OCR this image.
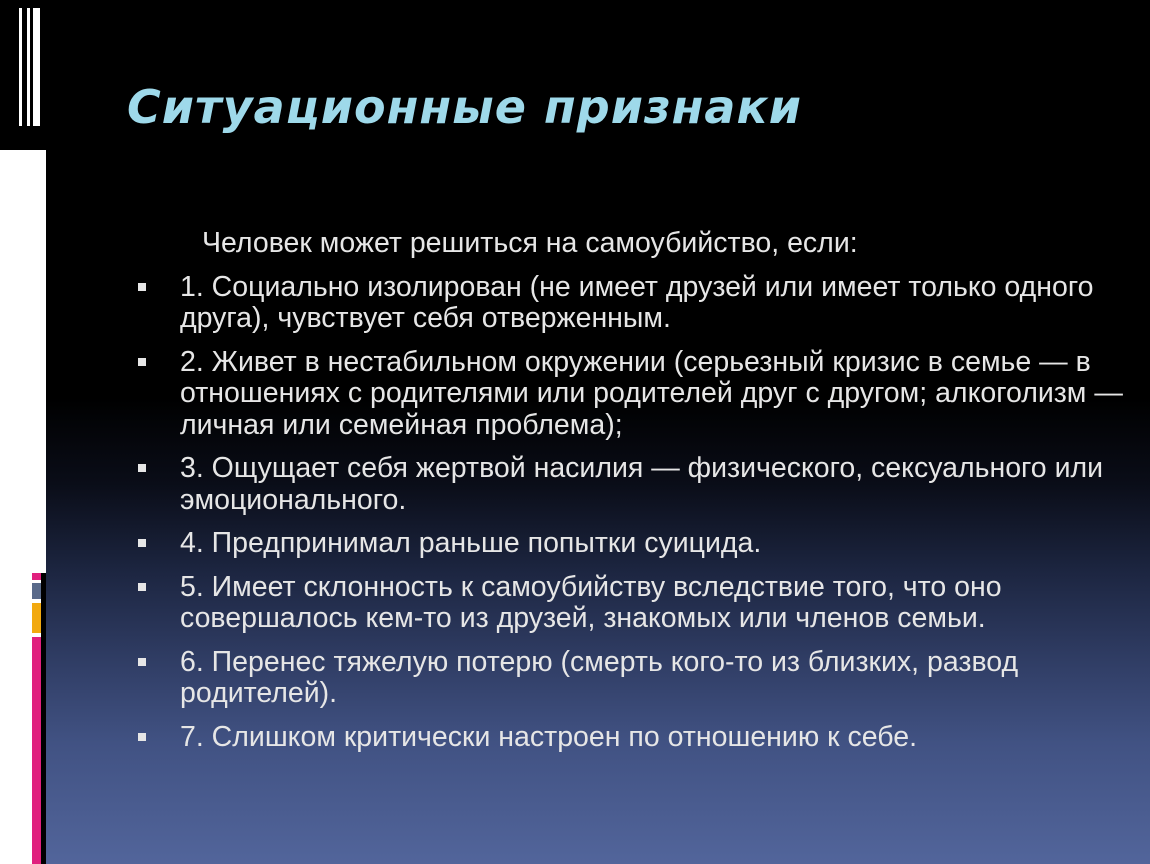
Ситуационные признаки
Человек может решиться на самоубийство, если:
1. Социально изолирован (не имеет друзей или имеет только одного друга), чувствует себя отверженным.
2. Живет в нестабильном окружении (серьезный кризис в семье — в отношениях с родителями или родителей друг с другом; алкоголизм — личная или семейная проблема);
3. Ощущает себя жертвой насилия — физического, сексуального или эмоционального.
4. Предпринимал раньше попытки суицида.
5. Имеет склонность к самоубийству вследствие того, что оно совершалось кем-то из друзей, знакомых или членов семьи.
6. Перенес тяжелую потерю (смерть кого-то из близких, развод родителей).
7. Слишком критически настроен по отношению к себе.
